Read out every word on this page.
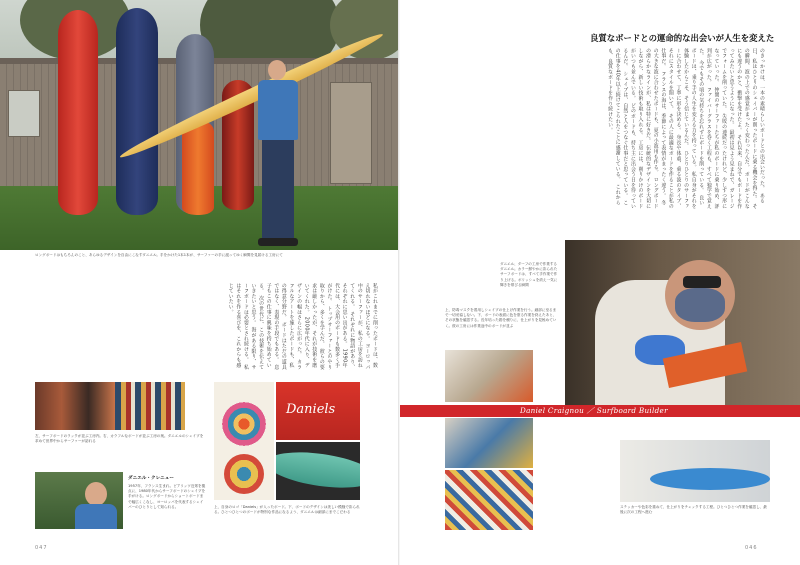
ロングボードはもちろんのこと、あらゆるデザインを自由にこなすダニエル。手をかけた1本1本が、サーファーの手に渡ってゆく瞬間を見届ける工房にて
私がこれまでに削ったボードは、数え切れないほどになる。 ヨーロッパ中のサーファーが、私の工房を訪ねてくれる。 それぞれに物語があり、それぞれに思い出がある。 1990年代には、大会用のボードも数多く手がけた。 トップサーファーとのやり取りから、多くを学んだ。 彼らの要求は厳しかったが、それが技術を磨いてくれた。 2000年代に入り、デザインの幅はさらに広がった。 カラフルなアートを施したボードも、私の得意分野だ。 ボードはただの道具ではなく、表現の手段でもある。 息子もこの仕事に興味を持ち始めている。 次の世代に、この技術を伝えていきたいと思う。 海がある限り、サーフボードは必要とされ続ける。 私はそれを作る喜びを、これからも感じていたい。
左、サーフボードのラックが並ぶ工房内。右、カラフルなボードが並ぶ工房の奥。ダニエルのシェイプを求めて世界中からサーファーが訪れる
ダニエル・クレニュー
1957年、フランス生まれ。ビアリッツ近郊を拠点に、1980年代からサーフボードのシェイプを手がける。ロングボードからショートボードまで幅広くこなし、ヨーロッパを代表するシェイパーのひとりとして知られる。
Daniels
上、自身のロゴ「Daniels」が入ったボード。下、ボードのデザインは美しい模様で彩られる。ひとつひとつのボードが特別な作品になるよう、ダニエルは細部にまでこだわる
047
のきっかけは、一本の素晴らしいボードとの出会いだった。 ある日、私はひとりのシェイパーが削ったボードに乗る機会を得た。 その瞬間、波の上での感覚がまったく変わったんだ。 ボードがこんなにも違うのかと、衝撃を受けたよ。 それ以来、自分でもボードを作ってみたいと思うようになった。 最初は見よう見まねで、ガレージでフォームを削っていた。 失敗の連続だったけれど、少しずつ形になっていった。 仲間のサーファーたちが私のボードに乗り始め、評判が広がった。 ファイバーグラスを巻く工程も、すべて独学で覚えた。 今でもその頃の気持ちを忘れずにボードを削っている。 良いボードは、乗り手の人生を変える力を持っている。 私自身がそれを体験したからこそ、そう信じているんだ。 ひとりひとりのサーファーに合わせて、丁寧に形を決める。 身長や体重、乗る波のタイプ、それにスタイルを聞いて。 その人に最適なボードを作ることが私の仕事だ。 フランスの海は、季節によって表情がまったく違う。 冬の大きな波に合わせたボードも、夏の小波用も作る。 ロングボードの滑らかなラインが、私は特に好きだ。 伝統的なデザインを大切にしながら、新しい技術も取り入れる。 工房には、削りかけのボードがいつも並んでいる。 どのボードも、持ち主に出会う日を待っているんだ。 シェイプは、自然と人をつなぐ仕事だと思っている。 この仕事を40年以上続けてこられたことに感謝している。 これからも、良質なボードを作り続けたい。
ダニエル、ダーフの工房で作業するダニエル。カラー鮮やかに彩られたサーフボードは、すべて手作業で作り上げる。ポリッシュを終え一気に輝きを帯びる瞬間
上、防毒マスクを着用しシェイプの仕上げ作業を行う。細部に至るまで一切妥協しない。下、ボードの表面に色を塗る作業を終えたあと、その状態を確認する。長年培った勘を頼りに、仕上がりを見極めていく。彼の工房には作業途中のボードが並ぶ
ステッカーや色彩を重ねて、仕上がりをチェックする工程。ひとつひとつ作業を確認し、最後に次の工程へ進む
046
良質なボードとの運命的な出会いが人生を変えた
Daniel Craignou ／ Surfboard Builder
